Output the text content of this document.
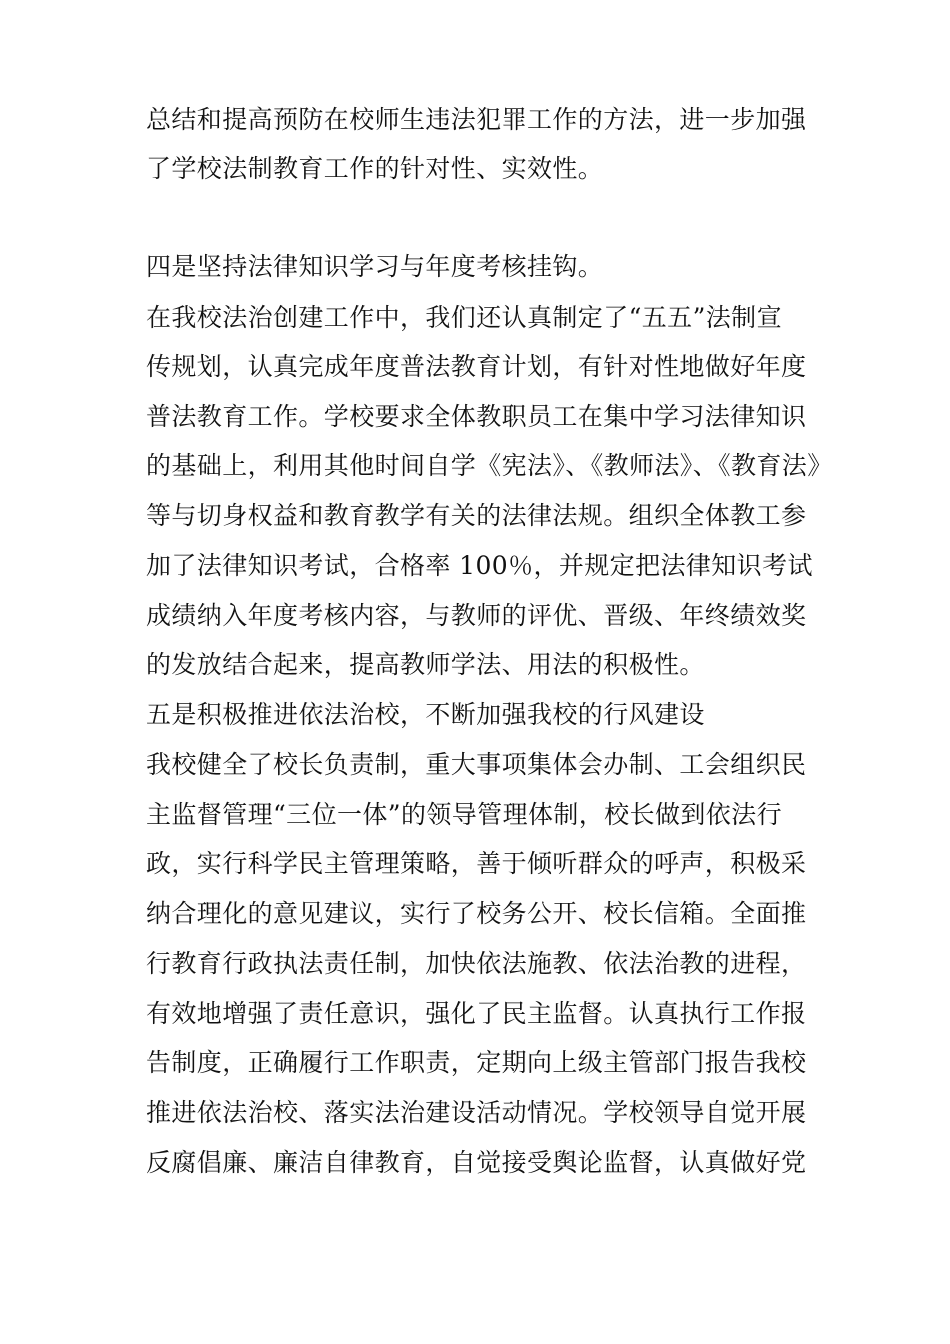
总结和提高预防在校师生违法犯罪工作的方法，进一步加强
了学校法制教育工作的针对性、实效性。
四是坚持法律知识学习与年度考核挂钩。
在我校法治创建工作中，我们还认真制定了“五五”法制宣
传规划，认真完成年度普法教育计划，有针对性地做好年度
普法教育工作。学校要求全体教职员工在集中学习法律知识
的基础上，利用其他时间自学《宪法》、《教师法》、《教育法》
等与切身权益和教育教学有关的法律法规。组织全体教工参
加了法律知识考试，合格率 100％，并规定把法律知识考试
成绩纳入年度考核内容，与教师的评优、晋级、年终绩效奖
的发放结合起来，提高教师学法、用法的积极性。
五是积极推进依法治校，不断加强我校的行风建设
我校健全了校长负责制，重大事项集体会办制、工会组织民
主监督管理“三位一体”的领导管理体制，校长做到依法行
政，实行科学民主管理策略，善于倾听群众的呼声，积极采
纳合理化的意见建议，实行了校务公开、校长信箱。全面推
行教育行政执法责任制，加快依法施教、依法治教的进程，
有效地增强了责任意识，强化了民主监督。认真执行工作报
告制度，正确履行工作职责，定期向上级主管部门报告我校
推进依法治校、落实法治建设活动情况。学校领导自觉开展
反腐倡廉、廉洁自律教育，自觉接受舆论监督，认真做好党
